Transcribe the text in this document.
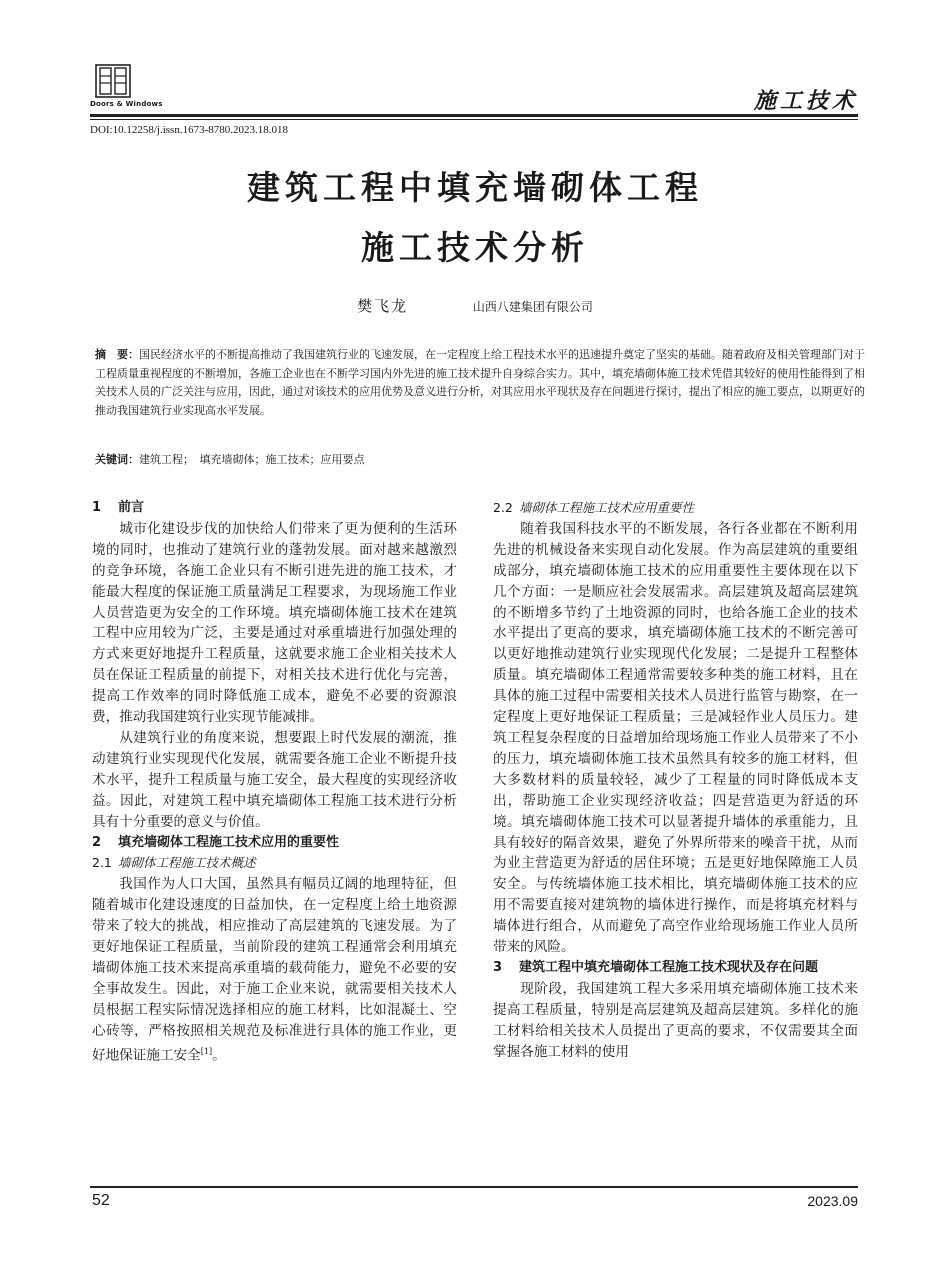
Doors & Windows	施工技术
DOI:10.12258/j.issn.1673-8780.2023.18.018
建筑工程中填充墙砌体工程
施工技术分析
樊飞龙	山西八建集团有限公司
摘　要：国民经济水平的不断提高推动了我国建筑行业的飞速发展，在一定程度上给工程技术水平的迅速提升奠定了坚实的基础。随着政府及相关管理部门对于工程质量重视程度的不断增加，各施工企业也在不断学习国内外先进的施工技术提升自身综合实力。其中，填充墙砌体施工技术凭借其较好的使用性能得到了相关技术人员的广泛关注与应用，因此，通过对该技术的应用优势及意义进行分析，对其应用水平现状及存在问题进行探讨，提出了相应的施工要点，以期更好的推动我国建筑行业实现高水平发展。
关键词：建筑工程；　填充墙砌体；施工技术；应用要点
1 前言

城市化建设步伐的加快给人们带来了更为便利的生活环境的同时，也推动了建筑行业的蓬勃发展。面对越来越激烈的竞争环境，各施工企业只有不断引进先进的施工技术，才能最大程度的保证施工质量满足工程要求，为现场施工作业人员营造更为安全的工作环境。填充墙砌体施工技术在建筑工程中应用较为广泛，主要是通过对承重墙进行加强处理的方式来更好地提升工程质量，这就要求施工企业相关技术人员在保证工程质量的前提下，对相关技术进行优化与完善，提高工作效率的同时降低施工成本，避免不必要的资源浪费，推动我国建筑行业实现节能减排。

从建筑行业的角度来说，想要跟上时代发展的潮流，推动建筑行业实现现代化发展，就需要各施工企业不断提升技术水平，提升工程质量与施工安全，最大程度的实现经济收益。因此，对建筑工程中填充墙砌体工程施工技术进行分析具有十分重要的意义与价值。

2 填充墙砌体工程施工技术应用的重要性
2.1 墙砌体工程施工技术概述

我国作为人口大国，虽然具有幅员辽阔的地理特征，但随着城市化建设速度的日益加快，在一定程度上给土地资源带来了较大的挑战，相应推动了高层建筑的飞速发展。为了更好地保证工程质量，当前阶段的建筑工程通常会利用填充墙砌体施工技术来提高承重墙的载荷能力，避免不必要的安全事故发生。因此，对于施工企业来说，就需要相关技术人员根据工程实际情况选择相应的施工材料，比如混凝土、空心砖等，严格按照相关规范及标准进行具体的施工作业，更好地保证施工安全[1]。

2.2 墙砌体工程施工技术应用重要性

随着我国科技水平的不断发展，各行各业都在不断利用先进的机械设备来实现自动化发展。作为高层建筑的重要组成部分，填充墙砌体施工技术的应用重要性主要体现在以下几个方面：一是顺应社会发展需求。高层建筑及超高层建筑的不断增多节约了土地资源的同时，也给各施工企业的技术水平提出了更高的要求，填充墙砌体施工技术的不断完善可以更好地推动建筑行业实现现代化发展；二是提升工程整体质量。填充墙砌体工程通常需要较多种类的施工材料，且在具体的施工过程中需要相关技术人员进行监管与勘察，在一定程度上更好地保证工程质量；三是减轻作业人员压力。建筑工程复杂程度的日益增加给现场施工作业人员带来了不小的压力，填充墙砌体施工技术虽然具有较多的施工材料，但大多数材料的质量较轻，减少了工程量的同时降低成本支出，帮助施工企业实现经济收益；四是营造更为舒适的环境。填充墙砌体施工技术可以显著提升墙体的承重能力，且具有较好的隔音效果，避免了外界所带来的噪音干扰，从而为业主营造更为舒适的居住环境；五是更好地保障施工人员安全。与传统墙体施工技术相比，填充墙砌体施工技术的应用不需要直接对建筑物的墙体进行操作，而是将填充材料与墙体进行组合，从而避免了高空作业给现场施工作业人员所带来的风险。

3 建筑工程中填充墙砌体工程施工技术现状及存在问题

现阶段，我国建筑工程大多采用填充墙砌体施工技术来提高工程质量，特别是高层建筑及超高层建筑。多样化的施工材料给相关技术人员提出了更高的要求，不仅需要其全面掌握各施工材料的使用

52	2023.09
